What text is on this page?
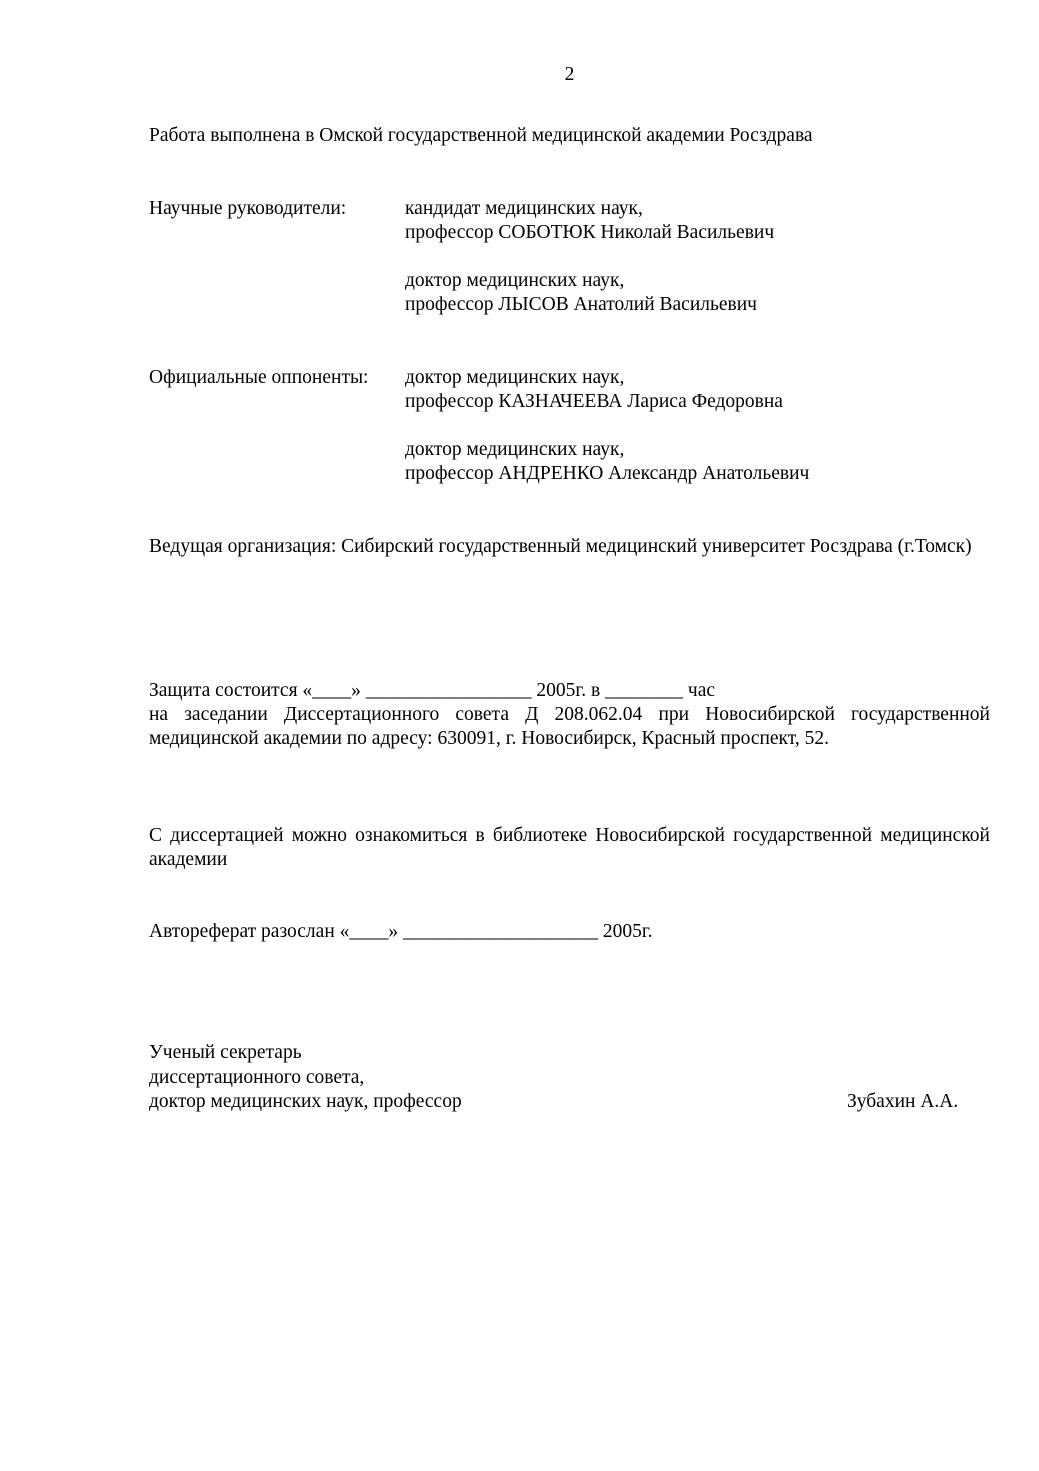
2
Работа выполнена в Омской государственной медицинской академии Росздрава
Научные руководители:	кандидат медицинских наук,
профессор СОБОТЮК Николай Васильевич
доктор медицинских наук,
профессор ЛЫСОВ Анатолий Васильевич
Официальные оппоненты: доктор медицинских наук,
профессор КАЗНАЧЕЕВА Лариса Федоровна
доктор медицинских наук,
профессор АНДРЕНКО Александр Анатольевич
Ведущая организация: Сибирский государственный медицинский университет Росздрава (г.Томск)
Защита состоится «____» _________________ 2005г. в ________ час
на заседании Диссертационного совета Д 208.062.04 при Новосибирской государственной медицинской академии по адресу: 630091, г. Новосибирск, Красный проспект, 52.
С диссертацией можно ознакомиться в библиотеке Новосибирской государственной медицинской академии
Автореферат разослан «____» ____________________ 2005г.
Ученый секретарь
диссертационного совета,
доктор медицинских наук, профессор	Зубахин А.А.
